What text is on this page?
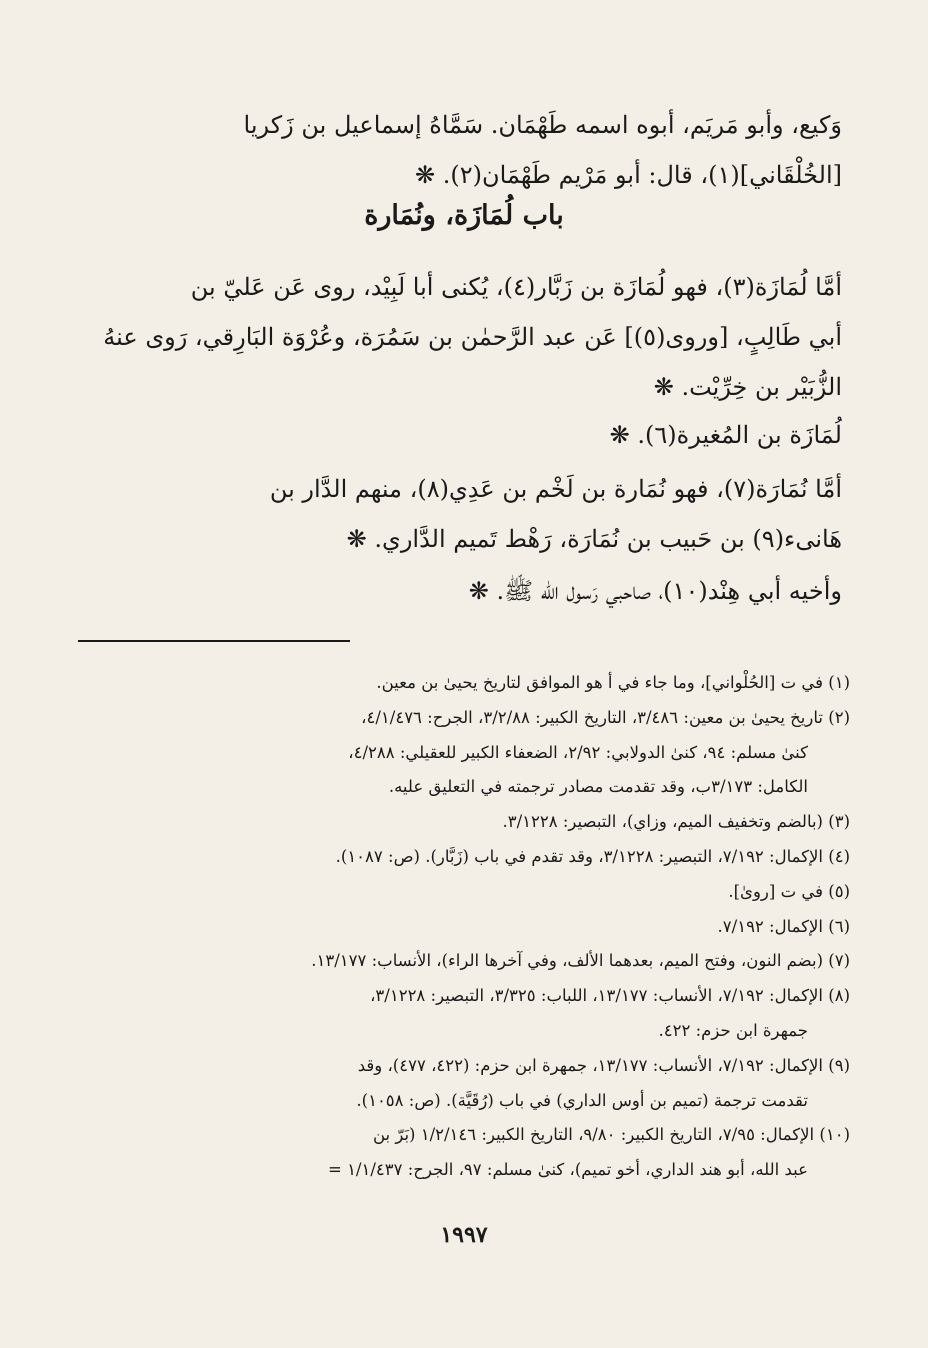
وَكيع، وأبو مَريَم، أبوه اسمه طَهْمَان. سَمَّاهُ إسماعيل بن زَكريا
[الخُلْقَاني](١)، قال: أبو مَرْيم طَهْمَان(٢). ❋
باب لُمَازَة، ونُمَارة
أمَّا لُمَازَة(٣)، فهو لُمَازَة بن زَبَّار(٤)، يُكنى أبا لَبِيْد، روى عَن عَليّ بن
أبي طَالِبٍ، [وروى(٥)] عَن عبد الرَّحمٰن بن سَمُرَة، وعُرْوَة البَارِقي، رَوى عنهُ
الزُّبَيْر بن خِرِّيْت. ❋
لُمَازَة بن المُغيرة(٦). ❋
أمَّا نُمَارَة(٧)، فهو نُمَارة بن لَخْم بن عَدِي(٨)، منهم الدَّار بن
هَانىء(٩) بن حَبيب بن نُمَارَة، رَهْط تَميم الدَّاري. ❋
وأخيه أبي هِنْد(١٠)، صاحبي رَسول الله ﷺ. ❋
(١) في ت [الحُلْواني]، وما جاء في أ هو الموافق لتاريخ يحيىٰ بن معين.
(٢) تاريخ يحيىٰ بن معين: ٣/٤٨٦، التاريخ الكبير: ٣/٢/٨٨، الجرح: ٤/١/٤٧٦،
كنىٰ مسلم: ٩٤، كنىٰ الدولابي: ٢/٩٢، الضعفاء الكبير للعقيلي: ٤/٢٨٨،
الكامل: ٣/١٧٣ب، وقد تقدمت مصادر ترجمته في التعليق عليه.
(٣) (بالضم وتخفيف الميم، وزاي)، التبصير: ٣/١٢٢٨.
(٤) الإكمال: ٧/١٩٢، التبصير: ٣/١٢٢٨، وقد تقدم في باب (زَبَّار). (ص: ١٠٨٧).
(٥) في ت [روىٰ].
(٦) الإكمال: ٧/١٩٢.
(٧) (بضم النون، وفتح الميم، بعدهما الألف، وفي آخرها الراء)، الأنساب: ١٣/١٧٧.
(٨) الإكمال: ٧/١٩٢، الأنساب: ١٣/١٧٧، اللباب: ٣/٣٢٥، التبصير: ٣/١٢٢٨،
جمهرة ابن حزم: ٤٢٢.
(٩) الإكمال: ٧/١٩٢، الأنساب: ١٣/١٧٧، جمهرة ابن حزم: (٤٢٢، ٤٧٧)، وقد
تقدمت ترجمة (تميم بن أوس الداري) في باب (رُقَيَّة). (ص: ١٠٥٨).
(١٠) الإكمال: ٧/٩٥، التاريخ الكبير: ٩/٨٠، التاريخ الكبير: ١/٢/١٤٦ (بَرّ بن
عبد الله، أبو هند الداري، أخو تميم)، كنىٰ مسلم: ٩٧، الجرح: ١/١/٤٣٧ =
١٩٩٧
